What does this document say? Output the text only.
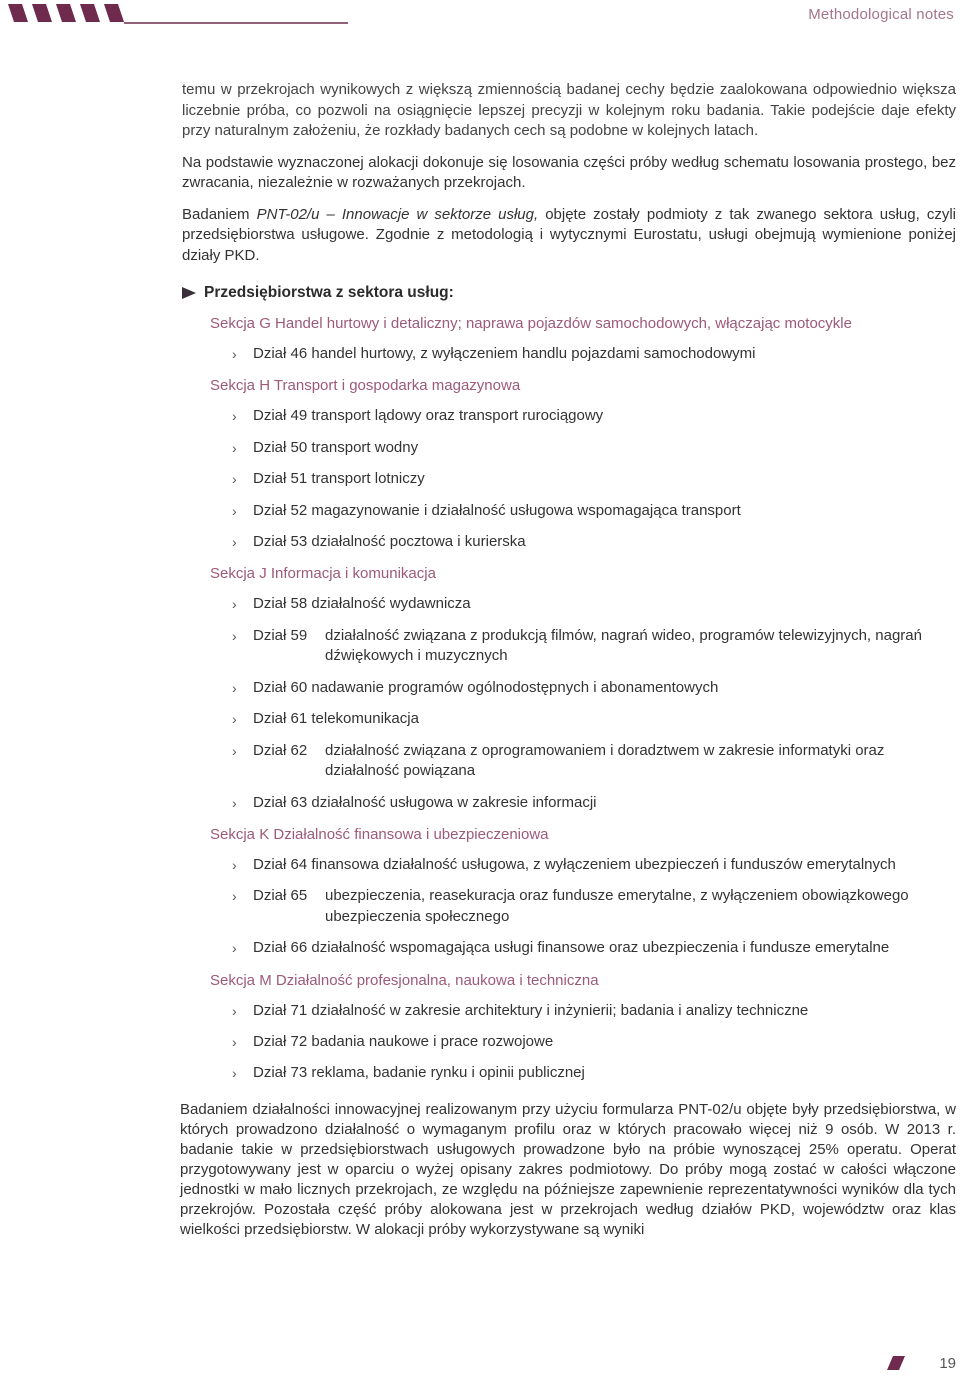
Methodological notes

temu w przekrojach wynikowych z większą zmiennością badanej cechy będzie zaalokowana odpowiednio większa liczebnie próba, co pozwoli na osiągnięcie lepszej precyzji w kolejnym roku badania. Takie podejście daje efekty przy naturalnym założeniu, że rozkłady badanych cech są podobne w kolejnych latach.

Na podstawie wyznaczonej alokacji dokonuje się losowania części próby według schematu losowania prostego, bez zwracania, niezależnie w rozważanych przekrojach.

Badaniem PNT-02/u – Innowacje w sektorze usług, objęte zostały podmioty z tak zwanego sektora usług, czyli przedsiębiorstwa usługowe. Zgodnie z metodologią i wytycznymi Eurostatu, usługi obejmują wymienione poniżej działy PKD.

Przedsiębiorstwa z sektora usług:
Sekcja G Handel hurtowy i detaliczny; naprawa pojazdów samochodowych, włączając motocykle
› Dział 46 handel hurtowy, z wyłączeniem handlu pojazdami samochodowymi
Sekcja H Transport i gospodarka magazynowa
› Dział 49 transport lądowy oraz transport rurociągowy
› Dział 50 transport wodny
› Dział 51 transport lotniczy
› Dział 52 magazynowanie i działalność usługowa wspomagająca transport
› Dział 53 działalność pocztowa i kurierska
Sekcja J Informacja i komunikacja
› Dział 58 działalność wydawnicza
› Dział 59 działalność związana z produkcją filmów, nagrań wideo, programów telewizyjnych, nagrań dźwiękowych i muzycznych
› Dział 60 nadawanie programów ogólnodostępnych i abonamentowych
› Dział 61 telekomunikacja
› Dział 62 działalność związana z oprogramowaniem i doradztwem w zakresie informatyki oraz działalność powiązana
› Dział 63 działalność usługowa w zakresie informacji
Sekcja K Działalność finansowa i ubezpieczeniowa
› Dział 64 finansowa działalność usługowa, z wyłączeniem ubezpieczeń i funduszów emerytalnych
› Dział 65 ubezpieczenia, reasekuracja oraz fundusze emerytalne, z wyłączeniem obowiązkowego ubezpieczenia społecznego
› Dział 66 działalność wspomagająca usługi finansowe oraz ubezpieczenia i fundusze emerytalne
Sekcja M Działalność profesjonalna, naukowa i techniczna
› Dział 71 działalność w zakresie architektury i inżynierii; badania i analizy techniczne
› Dział 72 badania naukowe i prace rozwojowe
› Dział 73 reklama, badanie rynku i opinii publicznej

Badaniem działalności innowacyjnej realizowanym przy użyciu formularza PNT-02/u objęte były przedsiębiorstwa, w których prowadzono działalność o wymaganym profilu oraz w których pracowało więcej niż 9 osób. W 2013 r. badanie takie w przedsiębiorstwach usługowych prowadzone było na próbie wynoszącej 25% operatu. Operat przygotowywany jest w oparciu o wyżej opisany zakres podmiotowy. Do próby mogą zostać w całości włączone jednostki w mało licznych przekrojach, ze względu na późniejsze zapewnienie reprezentatywności wyników dla tych przekrojów. Pozostała część próby alokowana jest w przekrojach według działów PKD, województw oraz klas wielkości przedsiębiorstw. W alokacji próby wykorzystywane są wyniki

19
